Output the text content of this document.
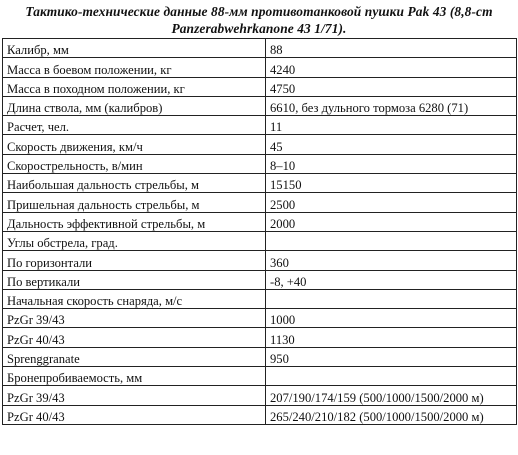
Тактико-технические данные 88-мм противотанковой пушки Pak 43 (8,8-cm
Panzerabwehrkanone 43 1/71).
Калибр, мм	88
Масса в боевом положении, кг	4240
Масса в походном положении, кг	4750
Длина ствола, мм (калибров)	6610, без дульного тормоза 6280 (71)
Расчет, чел.	11
Скорость движения, км/ч	45
Скорострельность, в/мин	8–10
Наибольшая дальность стрельбы, м	15150
Пришельная дальность стрельбы, м	2500
Дальность эффективной стрельбы, м	2000
Углы обстрела, град.	
По горизонтали	360
По вертикали	-8, +40
Начальная скорость снаряда, м/с	
PzGr 39/43	1000
PzGr 40/43	1130
Sprenggranate	950
Бронепробиваемость, мм	
PzGr 39/43	207/190/174/159 (500/1000/1500/2000 м)
PzGr 40/43	265/240/210/182 (500/1000/1500/2000 м)
